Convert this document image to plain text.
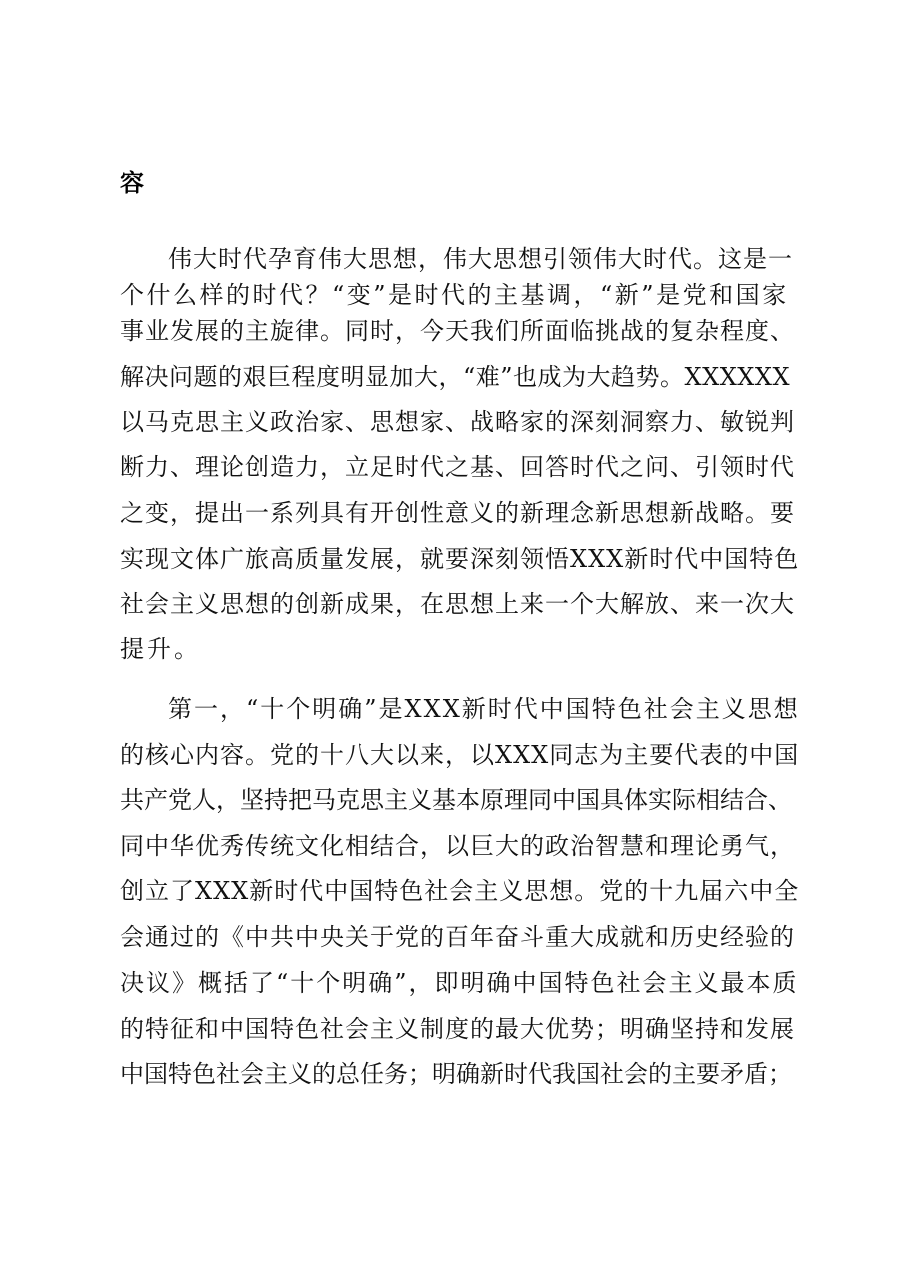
容
伟大时代孕育伟大思想，伟大思想引领伟大时代。这是一
个什么样的时代？“变”是时代的主基调，“新”是党和国家
事业发展的主旋律。同时，今天我们所面临挑战的复杂程度、
解决问题的艰巨程度明显加大，“难”也成为大趋势。XXXXXX
以马克思主义政治家、思想家、战略家的深刻洞察力、敏锐判
断力、理论创造力，立足时代之基、回答时代之问、引领时代
之变，提出一系列具有开创性意义的新理念新思想新战略。要
实现文体广旅高质量发展，就要深刻领悟XXX新时代中国特色
社会主义思想的创新成果，在思想上来一个大解放、来一次大
提升。
第一，“十个明确”是XXX新时代中国特色社会主义思想
的核心内容。党的十八大以来，以XXX同志为主要代表的中国
共产党人，坚持把马克思主义基本原理同中国具体实际相结合、
同中华优秀传统文化相结合，以巨大的政治智慧和理论勇气，
创立了XXX新时代中国特色社会主义思想。党的十九届六中全
会通过的《中共中央关于党的百年奋斗重大成就和历史经验的
决议》概括了“十个明确”，即明确中国特色社会主义最本质
的特征和中国特色社会主义制度的最大优势；明确坚持和发展
中国特色社会主义的总任务；明确新时代我国社会的主要矛盾；
